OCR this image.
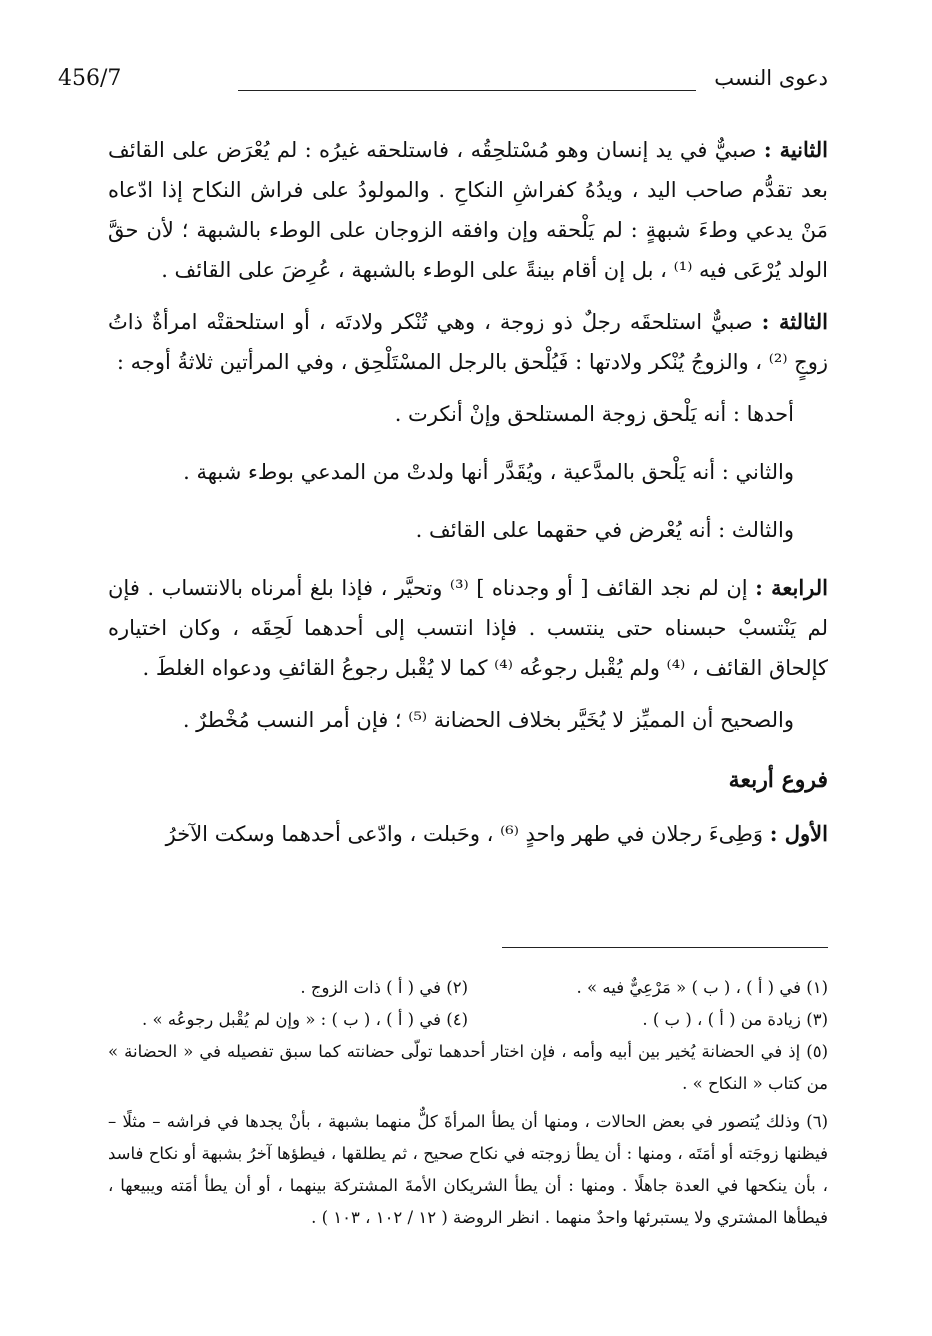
456/7	دعوى النسب

الثانية : صبيٌّ في يد إنسان وهو مُسْتلحِقُه ، فاستلحقه غيرُه : لم يُعْرَض على القائف بعد تقدُّم صاحب اليد ، ويدُهُ كفراشِ النكاحِ . والمولودُ على فراش النكاح إذا ادّعاه مَنْ يدعي وطءَ شبهةٍ : لم يَلْحقه وإن وافقه الزوجان على الوطء بالشبهة ؛ لأن حقَّ الولد يُرْعَى فيه ⁽¹⁾ ، بل إن أقام بينةً على الوطء بالشبهة ، عُرِضَ على القائف .

الثالثة : صبيٌّ استلحقَه رجلٌ ذو زوجة ، وهي تُنْكر ولادتَه ، أو استلحقتْه امرأةٌ ذاتُ زوجٍ ⁽²⁾ ، والزوجُ يُنْكر ولادتها : فَيُلْحق بالرجل المسْتَلْحِق ، وفي المرأتين ثلاثةُ أوجه :

أحدها : أنه يَلْحق زوجة المستلحق وإنْ أنكرت .

والثاني : أنه يَلْحق بالمدَّعية ، ويُقَدَّر أنها ولدتْ من المدعي بوطء شبهة .

والثالث : أنه يُعْرض في حقهما على القائف .

الرابعة : إن لم نجد القائف [ أو وجدناه ] ⁽³⁾ وتحيَّر ، فإذا بلغ أمرناه بالانتساب . فإن لم يَنْتسبْ حبسناه حتى ينتسب . فإذا انتسب إلى أحدهما لَحِقَه ، وكان اختياره كإلحاق القائف ، ⁽⁴⁾ ولم يُقْبل رجوعُه ⁽⁴⁾ كما لا يُقْبل رجوعُ القائفِ ودعواه الغلطَ .

والصحيح أن المميِّز لا يُخَيَّر بخلاف الحضانة ⁽⁵⁾ ؛ فإن أمر النسب مُخْطرٌ .

فروع أربعة

الأول : وَطِىءَ رجلان في طهر واحدٍ ⁽⁶⁾ ، وحَبلت ، وادّعى أحدهما وسكت الآخرُ

(١) في ( أ ) ، ( ب ) « مَرْعِيٌّ فيه » .
(٢) في ( أ ) ذات الزوج .
(٣) زيادة من ( أ ) ، ( ب ) .
(٤) في ( أ ) ، ( ب ) : « وإن لم يُقْبل رجوعُه » .

(٥) إذ في الحضانة يُخير بين أبيه وأمه ، فإن اختار أحدهما تولّى حضانته كما سبق تفصيله في « الحضانة » من كتاب « النكاح » .

(٦) وذلك يُتصور في بعض الحالات ، ومنها أن يطأ المرأةَ كلٌّ منهما بشبهة ، بأنْ يجدها في فراشه – مثلًا – فيظنها زوجَته أو أمَتَه ، ومنها : أن يطأ زوجته في نكاح صحيح ، ثم يطلقها ، فيطؤها آخرُ بشبهة أو نكاح فاسد ، بأن ينكحها في العدة جاهلًا . ومنها : أن يطأ الشريكان الأمةَ المشتركة بينهما ، أو أن يطأ أمَته ويبيعها ، فيطأها المشتري ولا يستبرئها واحدٌ منهما . انظر الروضة ( ١٢ / ١٠٢ ، ١٠٣ ) .
